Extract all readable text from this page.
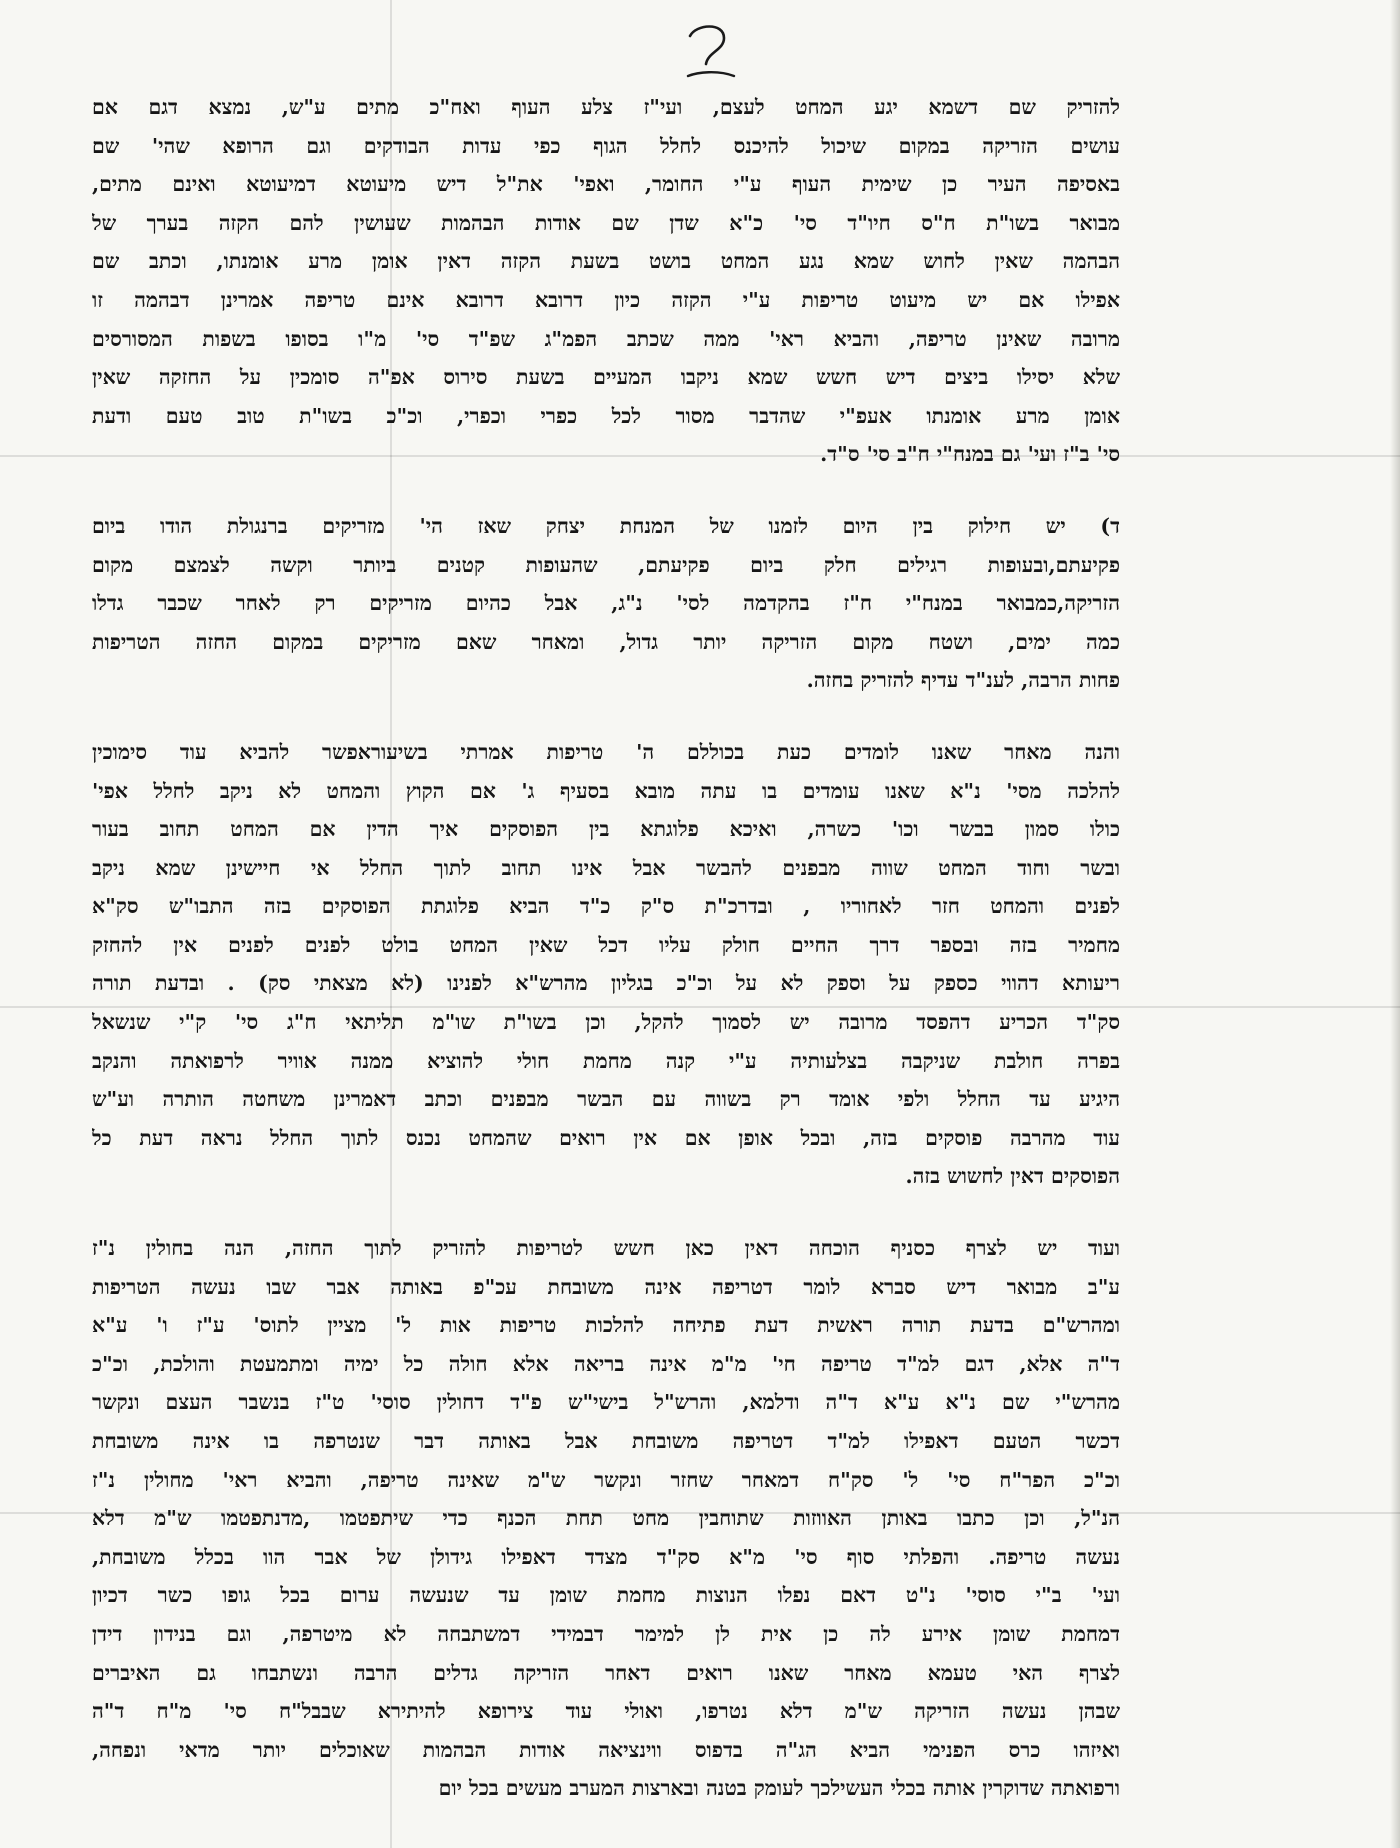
להזריק שם דשמא יגע המחט לעצם, ועי"ז צלע העוף ואח"כ מתים ע"ש, נמצא דגם אם
עושים הזריקה במקום שיכול להיכנס לחלל הגוף כפי עדות הבודקים וגם הרופא שהי' שם
באסיפה העיר כן שימית העוף ע"י החומר, ואפי' את"ל דיש מיעוטא דמיעוטא ואינם מתים,
מבואר בשו"ת ח"ס חיו"ד סי' כ"א שדן שם אודות הבהמות שעושין להם הקזה בערך של
הבהמה שאין לחוש שמא נגע המחט בושט בשעת הקזה דאין אומן מרע אומנתו, וכתב שם
אפילו אם יש מיעוט טריפות ע"י הקזה כיון דרובא דרובא אינם טריפה אמרינן דבהמה זו
מרובה שאינן טריפה, והביא ראי' ממה שכתב הפמ"ג שפ"ד סי' מ"ו בסופו בשפות המסורסים
שלא יסילו ביצים דיש חשש שמא ניקבו המעיים בשעת סירוס אפ"ה סומכין על החזקה שאין
אומן מרע אומנתו אעפ"י שהדבר מסור לכל כפרי וכפרי, וכ"כ בשו"ת טוב טעם ודעת
סי' ב"ז ועי' גם במנח"י ח"ב סי' ס"ד.
ד) יש חילוק בין היום לזמנו של המנחת יצחק שאז הי' מזריקים ברנגולת הודו ביום
פקיעתם,ובעופות רגילים חלק ביום פקיעתם, שהעופות קטנים ביותר וקשה לצמצם מקום
הזריקה,כמבואר במנח"י ח"ז בהקדמה לסי' נ"ג, אבל כהיום מזריקים רק לאחר שכבר גדלו
כמה ימים, ושטח מקום הזריקה יותר גדול, ומאחר שאם מזריקים במקום החזה הטריפות
פחות הרבה, לענ"ד עדיף להזריק בחזה.
והנה מאחר שאנו לומדים כעת בכוללם ה' טריפות אמרתי בשיעוראפשר להביא עוד סימוכין
להלכה מסי' נ"א שאנו עומדים בו עתה מובא בסעיף ג' אם הקוץ והמחט לא ניקב לחלל אפי'
כולו סמון בבשר וכו' כשרה, ואיכא פלוגתא בין הפוסקים איך הדין אם המחט תחוב בעור
ובשר וחוד המחט שווה מבפנים להבשר אבל אינו תחוב לתוך החלל אי חיישינן שמא ניקב
לפנים והמחט חזר לאחוריו , ובדרכ"ת ס"ק כ"ד הביא פלוגתת הפוסקים בזה התבו"ש סק"א
מחמיר בזה ובספר דרך החיים חולק עליו דכל שאין המחט בולט לפנים לפנים אין להחזק
ריעותא דהווי כספק על וספק לא על וכ"כ בגליון מהרש"א לפנינו (לא מצאתי סק) . ובדעת תורה
סק"ד הכריע דהפסד מרובה יש לסמוך להקל, וכן בשו"ת שו"מ תליתאי ח"ג סי' ק"י שנשאל
בפרה חולבת שניקבה בצלעותיה ע"י קנה מחמת חולי להוציא ממנה אוויר לרפואתה והנקב
היגיע עד החלל ולפי אומד רק בשווה עם הבשר מבפנים וכתב דאמרינן משחטה הותרה וע"ש
עוד מהרבה פוסקים בזה, ובכל אופן אם אין רואים שהמחט נכנס לתוך החלל נראה דעת כל
הפוסקים דאין לחשוש בזה.
ועוד יש לצרף כסניף הוכחה דאין כאן חשש לטריפות להזריק לתוך החזה, הנה בחולין נ"ז
ע"ב מבואר דיש סברא לומר דטריפה אינה משובחת עכ"פ באותה אבר שבו נעשה הטריפות
ומהרש"ם בדעת תורה ראשית דעת פתיחה להלכות טריפות אות ל' מציין לתוס' ע"ז ו' ע"א
ד"ה אלא, דגם למ"ד טריפה חי' מ"מ אינה בריאה אלא חולה כל ימיה ומתמעטת והולכת, וכ"כ
מהרש"י שם נ"א ע"א ד"ה ודלמא, והרש"ל בישי"ש פ"ד דחולין סוסי' ט"ז בנשבר העצם ונקשר
דכשר הטעם דאפילו למ"ד דטריפה משובחת אבל באותה דבר שנטרפה בו אינה משובחת
וכ"כ הפר"ח סי' ל' סק"ח דמאחר שחזר ונקשר ש"מ שאינה טריפה, והביא ראי' מחולין נ"ז
הנ"ל, וכן כתבו באותן האווזות שתוחבין מחט תחת הכנף כדי שיתפטמו ,מדנתפטמו ש"מ דלא
נעשה טריפה. והפלתי סוף סי' מ"א סק"ד מצדד דאפילו גידולן של אבר הוו בכלל משובחת,
ועי' ב"י סוסי' נ"ט דאם נפלו הנוצות מחמת שומן עד שנעשה ערום בכל גופו כשר דכיון
דמחמת שומן אירע לה כן אית לן למימר דבמידי דמשתבחה לא מיטרפה, וגם בנידון דידן
לצרף האי טעמא מאחר שאנו רואים דאחר הזריקה גדלים הרבה ונשתבחו גם האיברים
שבהן נעשה הזריקה ש"מ דלא נטרפו, ואולי עוד צירופא להיתירא שבבל"ח סי' מ"ח ד"ה
ואיזהו כרס הפנימי הביא הג"ה בדפוס ווינציאה אודות הבהמות שאוכלים יותר מדאי ונפחה,
ורפואתה שדוקרין אותה בכלי העשילכך לעומק בטנה ובארצות המערב מעשים בכל יום
